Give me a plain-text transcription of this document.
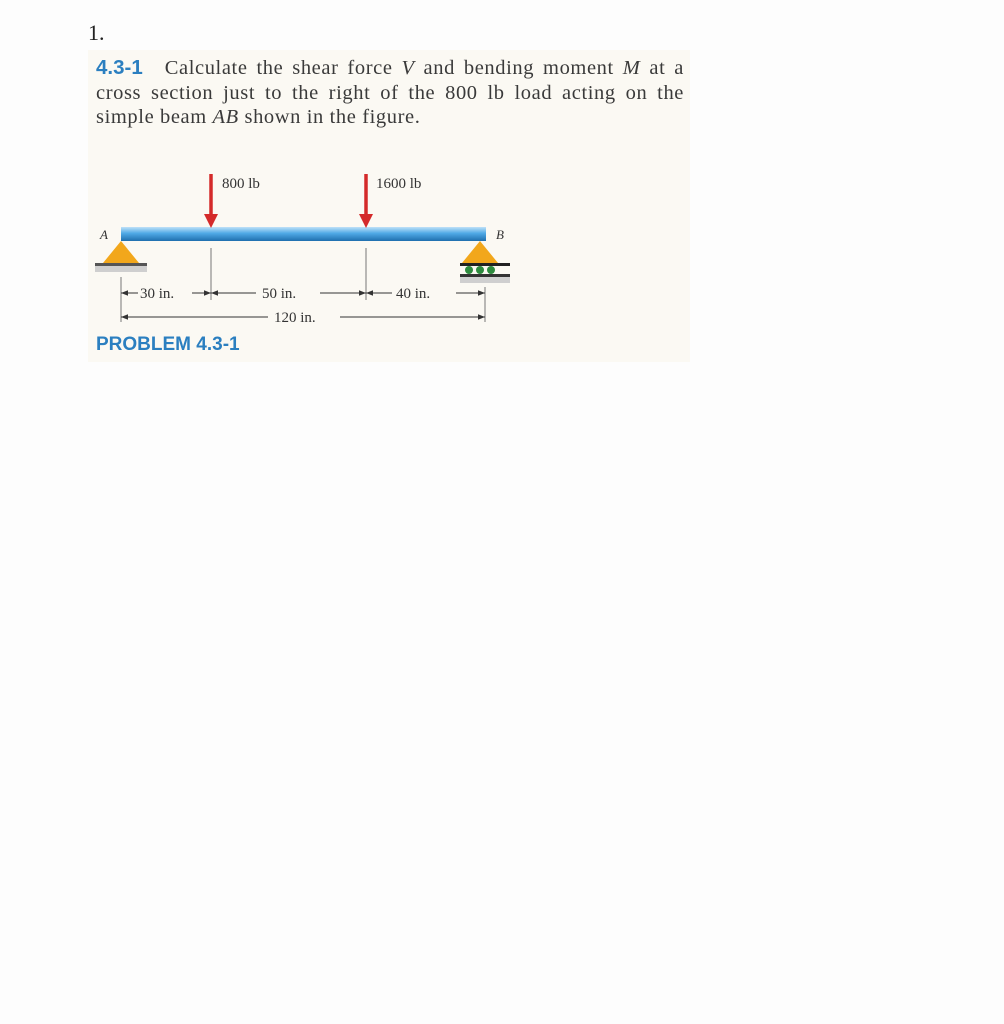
1.

4.3-1 Calculate the shear force V and bending moment M at a cross section just to the right of the 800 lb load acting on the simple beam AB shown in the figure.

800 lb	1600 lb
A	B
30 in.	50 in.	40 in.
120 in.

PROBLEM 4.3-1
